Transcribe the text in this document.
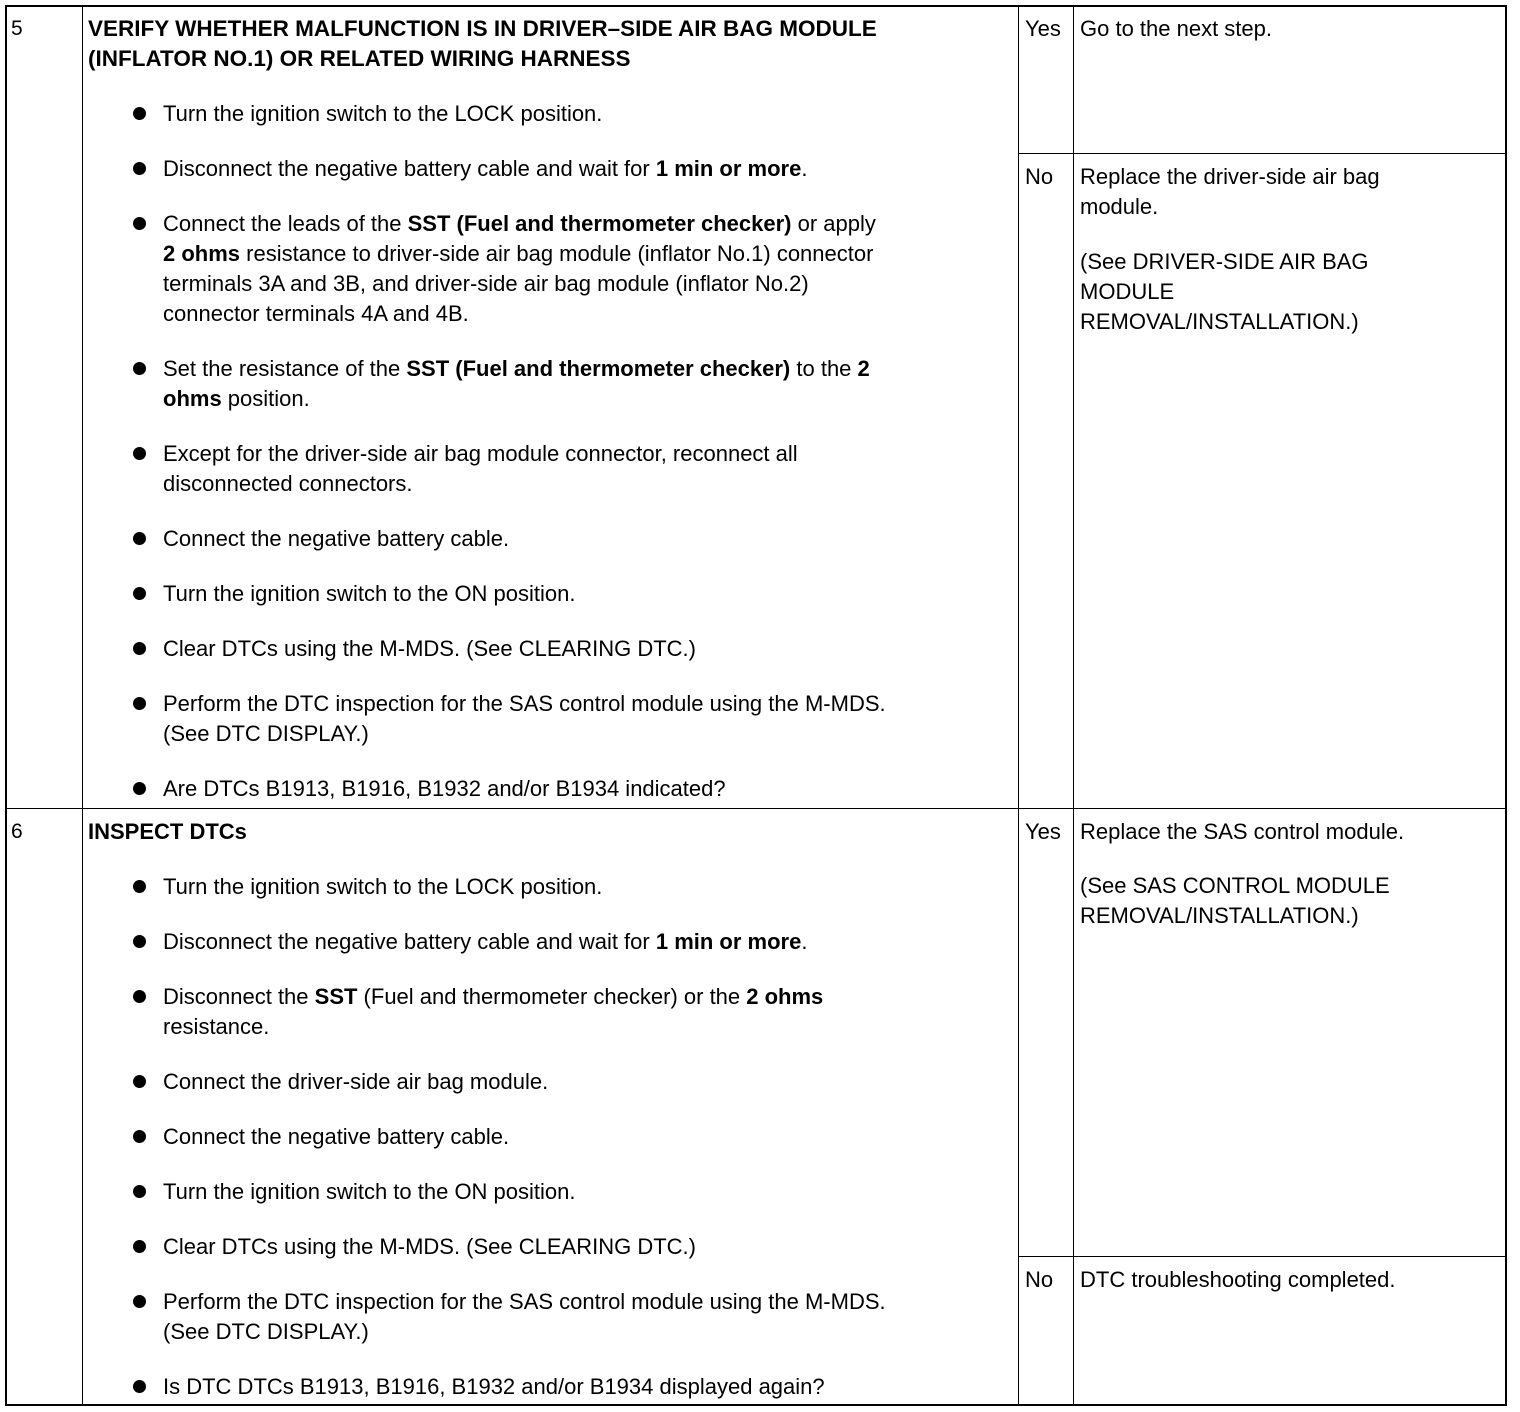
5	VERIFY WHETHER MALFUNCTION IS IN DRIVER–SIDE AIR BAG MODULE
(INFLATOR NO.1) OR RELATED WIRING HARNESS
Turn the ignition switch to the LOCK position.
Disconnect the negative battery cable and wait for 1 min or more.
Connect the leads of the SST (Fuel and thermometer checker) or apply
2 ohms resistance to driver-side air bag module (inflator No.1) connector
terminals 3A and 3B, and driver-side air bag module (inflator No.2)
connector terminals 4A and 4B.
Set the resistance of the SST (Fuel and thermometer checker) to the 2
ohms position.
Except for the driver-side air bag module connector, reconnect all
disconnected connectors.
Connect the negative battery cable.
Turn the ignition switch to the ON position.
Clear DTCs using the M-MDS. (See CLEARING DTC.)
Perform the DTC inspection for the SAS control module using the M-MDS.
(See DTC DISPLAY.)
Are DTCs B1913, B1916, B1932 and/or B1934 indicated?
Yes Go to the next step.
No Replace the driver-side air bag
module.
(See DRIVER-SIDE AIR BAG
MODULE
REMOVAL/INSTALLATION.)
6	INSPECT DTCs
Turn the ignition switch to the LOCK position.
Disconnect the negative battery cable and wait for 1 min or more.
Disconnect the SST (Fuel and thermometer checker) or the 2 ohms
resistance.
Connect the driver-side air bag module.
Connect the negative battery cable.
Turn the ignition switch to the ON position.
Clear DTCs using the M-MDS. (See CLEARING DTC.)
Perform the DTC inspection for the SAS control module using the M-MDS.
(See DTC DISPLAY.)
Is DTC DTCs B1913, B1916, B1932 and/or B1934 displayed again?
Yes Replace the SAS control module.
(See SAS CONTROL MODULE
REMOVAL/INSTALLATION.)
No DTC troubleshooting completed.
